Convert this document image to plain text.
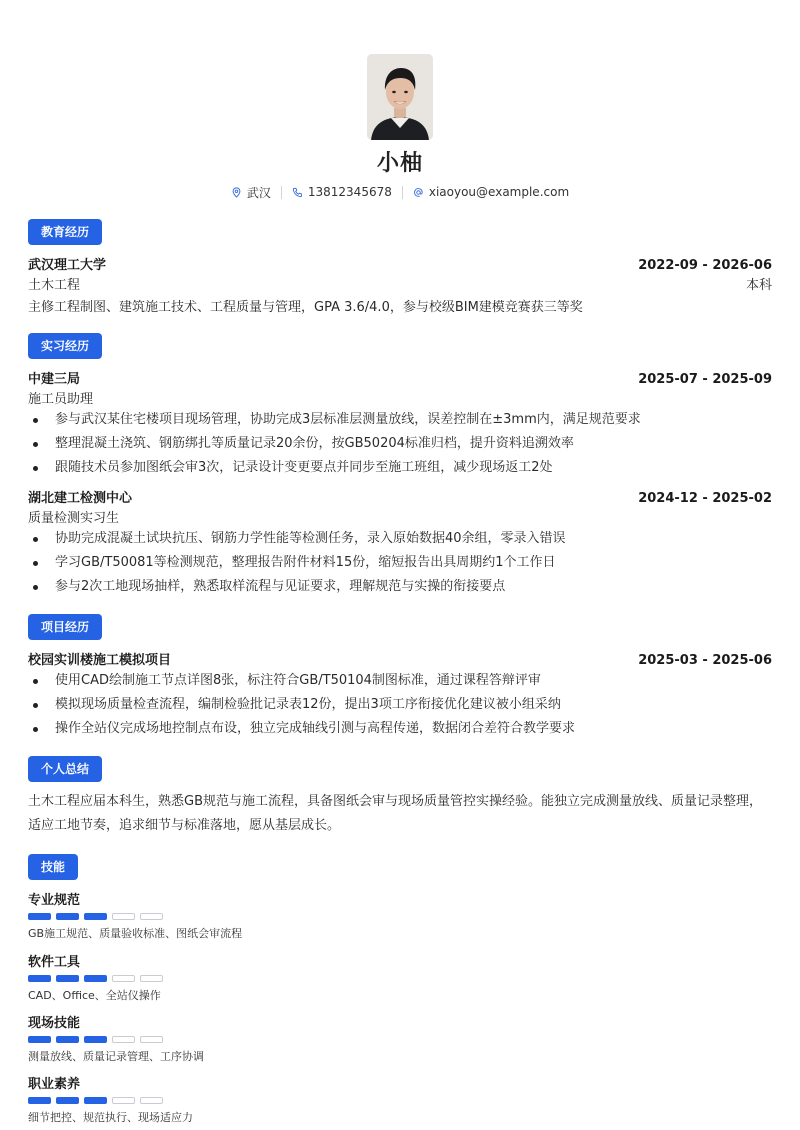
小柚
武汉	13812345678	xiaoyou@example.com
教育经历
武汉理工大学	2022-09 - 2026-06
土木工程	本科
主修工程制图、建筑施工技术、工程质量与管理，GPA 3.6/4.0，参与校级BIM建模竞赛获三等奖
实习经历
中建三局	2025-07 - 2025-09
施工员助理
参与武汉某住宅楼项目现场管理，协助完成3层标准层测量放线，误差控制在±3mm内，满足规范要求
整理混凝土浇筑、钢筋绑扎等质量记录20余份，按GB50204标准归档，提升资料追溯效率
跟随技术员参加图纸会审3次，记录设计变更要点并同步至施工班组，减少现场返工2处
湖北建工检测中心	2024-12 - 2025-02
质量检测实习生
协助完成混凝土试块抗压、钢筋力学性能等检测任务，录入原始数据40余组，零录入错误
学习GB/T50081等检测规范，整理报告附件材料15份，缩短报告出具周期约1个工作日
参与2次工地现场抽样，熟悉取样流程与见证要求，理解规范与实操的衔接要点
项目经历
校园实训楼施工模拟项目	2025-03 - 2025-06
使用CAD绘制施工节点详图8张，标注符合GB/T50104制图标准，通过课程答辩评审
模拟现场质量检查流程，编制检验批记录表12份，提出3项工序衔接优化建议被小组采纳
操作全站仪完成场地控制点布设，独立完成轴线引测与高程传递，数据闭合差符合教学要求
个人总结
土木工程应届本科生，熟悉GB规范与施工流程，具备图纸会审与现场质量管控实操经验。能独立完成测量放线、质量记录整理，适应工地节奏，追求细节与标准落地，愿从基层成长。
技能
专业规范
GB施工规范、质量验收标准、图纸会审流程
软件工具
CAD、Office、全站仪操作
现场技能
测量放线、质量记录管理、工序协调
职业素养
细节把控、规范执行、现场适应力
